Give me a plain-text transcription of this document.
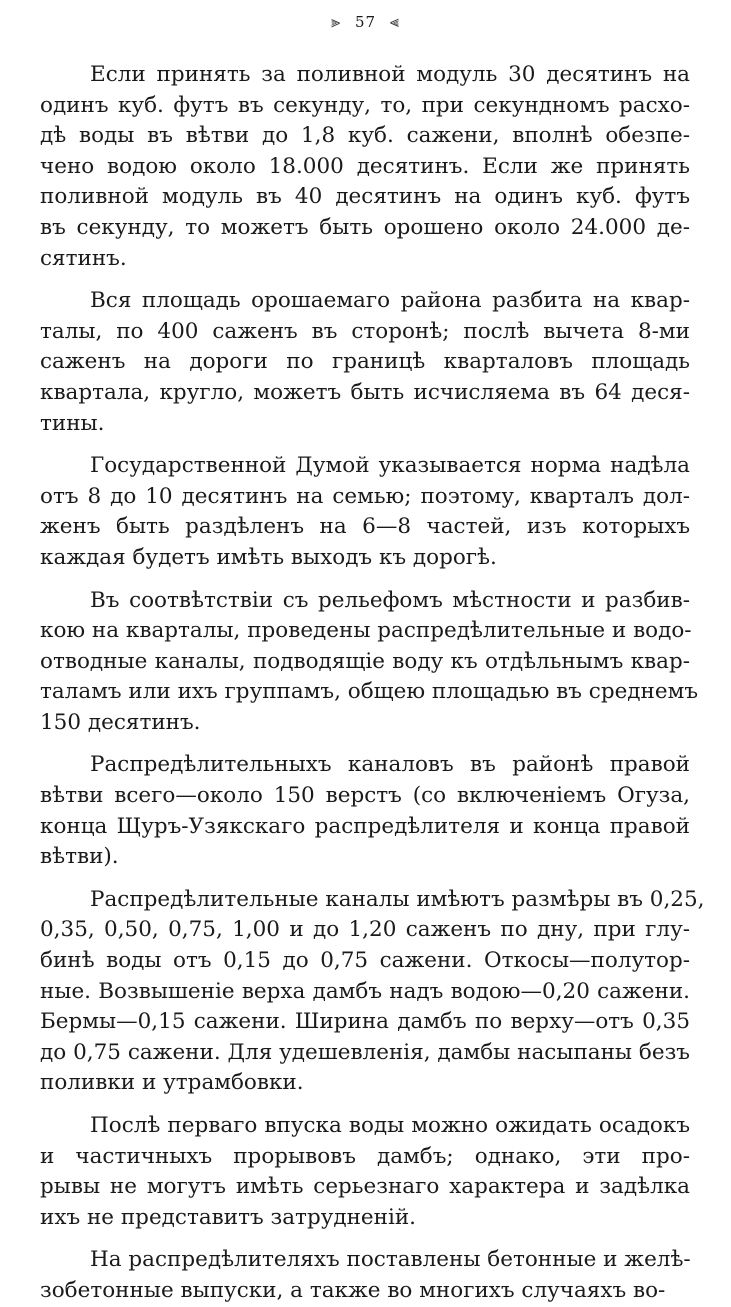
⫸ 57 ⫷
Если принять за поливной модуль 30 десятинъ на
одинъ куб. футъ въ секунду, то, при секундномъ расхо-
дѣ воды въ вѣтви до 1,8 куб. сажени, вполнѣ обезпе-
чено водою около 18.000 десятинъ. Если же принять
поливной модуль въ 40 десятинъ на одинъ куб. футъ
въ секунду, то можетъ быть орошено около 24.000 де-
сятинъ.
Вся площадь орошаемаго района разбита на квар-
талы, по 400 саженъ въ сторонѣ; послѣ вычета 8-ми
саженъ на дороги по границѣ кварталовъ площадь
квартала, кругло, можетъ быть исчисляема въ 64 деся-
тины.
Государственной Думой указывается норма надѣла
отъ 8 до 10 десятинъ на семью; поэтому, кварталъ дол-
женъ быть раздѣленъ на 6—8 частей, изъ которыхъ
каждая будетъ имѣть выходъ къ дорогѣ.
Въ соотвѣтствіи съ рельефомъ мѣстности и разбив-
кою на кварталы, проведены распредѣлительные и водо-
отводные каналы, подводящіе воду къ отдѣльнымъ квар-
таламъ или ихъ группамъ, общею площадью въ среднемъ
150 десятинъ.
Распредѣлительныхъ каналовъ въ районѣ правой
вѣтви всего—около 150 верстъ (со включеніемъ Огуза,
конца Щуръ-Узякскаго распредѣлителя и конца правой
вѣтви).
Распредѣлительные каналы имѣютъ размѣры въ 0,25,
0,35, 0,50, 0,75, 1,00 и до 1,20 саженъ по дну, при глу-
бинѣ воды отъ 0,15 до 0,75 сажени. Откосы—полутор-
ные. Возвышеніе верха дамбъ надъ водою—0,20 сажени.
Бермы—0,15 сажени. Ширина дамбъ по верху—отъ 0,35
до 0,75 сажени. Для удешевленія, дамбы насыпаны безъ
поливки и утрамбовки.
Послѣ перваго впуска воды можно ожидать осадокъ
и частичныхъ прорывовъ дамбъ; однако, эти про-
рывы не могутъ имѣть серьезнаго характера и задѣлка
ихъ не представитъ затрудненій.
На распредѣлителяхъ поставлены бетонные и желѣ-
зобетонные выпуски, а также во многихъ случаяхъ во-
